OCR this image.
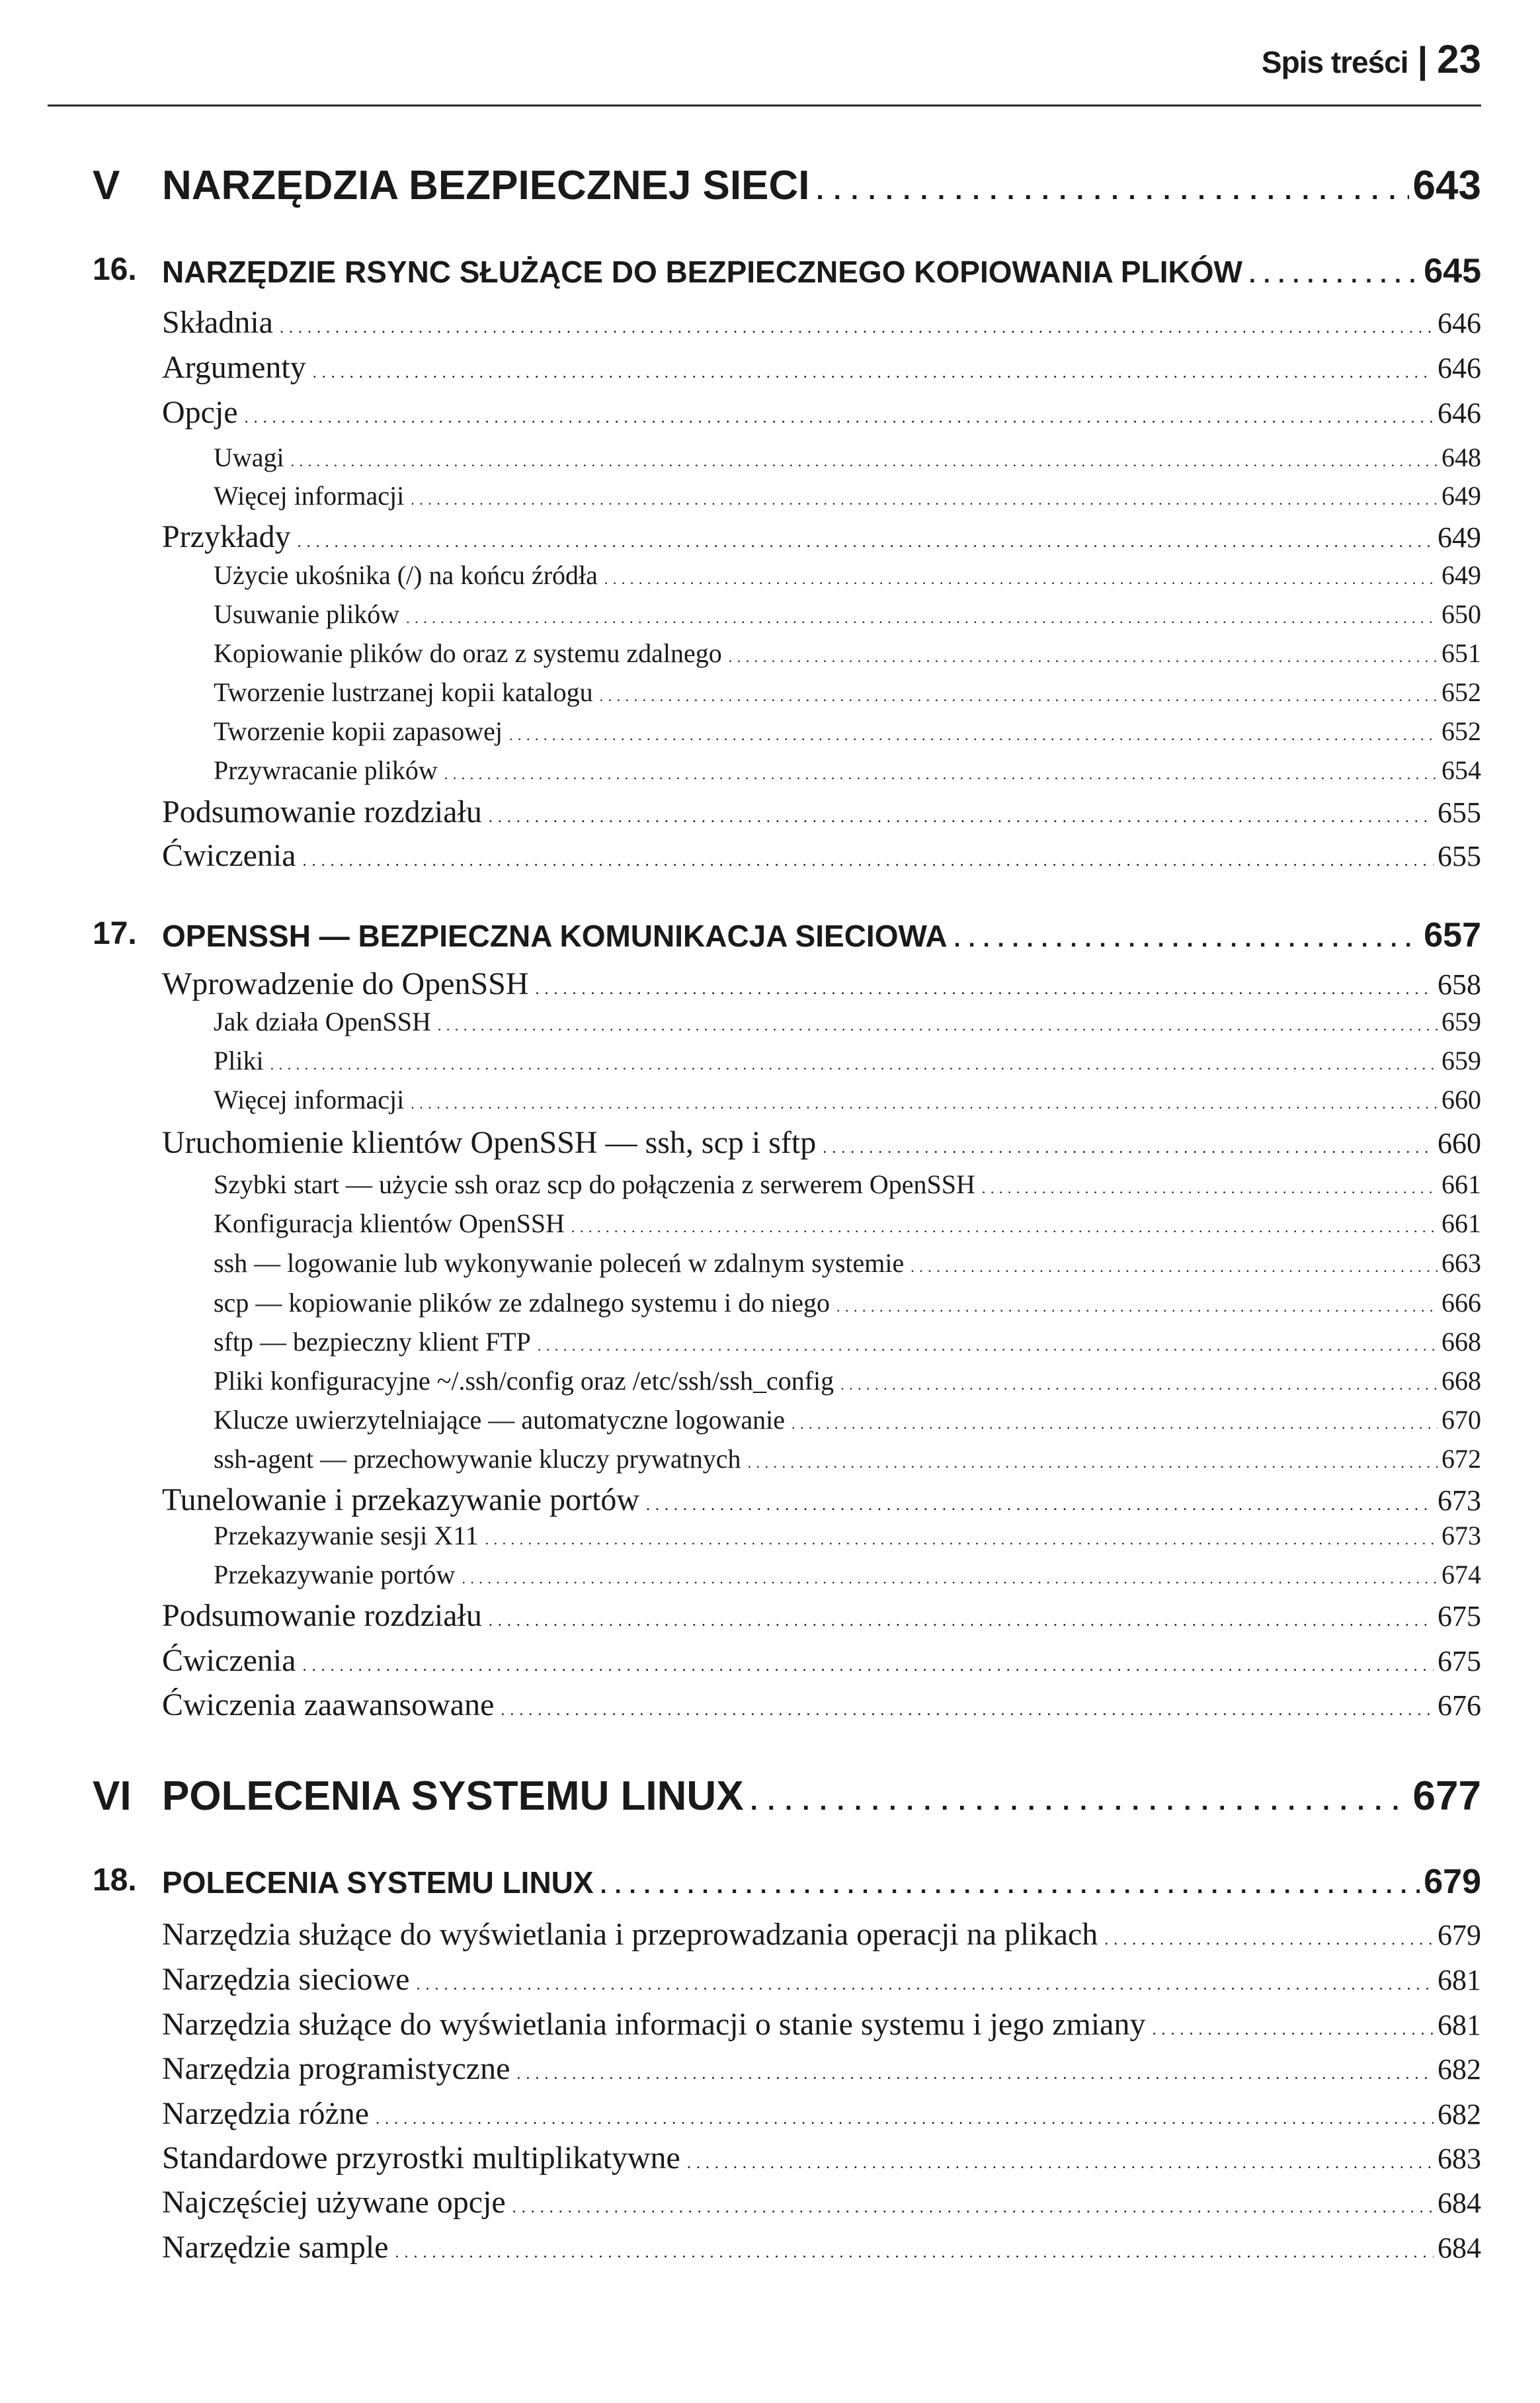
Spis treści | 23
V NARZĘDZIA BEZPIECZNEJ SIECI . . .	643
16. NARZĘDZIE RSYNC SŁUŻĄCE DO BEZPIECZNEGO KOPIOWANIA PLIKÓW . . .	645
Składnia . . .	646
Argumenty . . .	646
Opcje . . .	646
Uwagi . . .	648
Więcej informacji . . .	649
Przykłady . . .	649
Użycie ukośnika (/) na końcu źródła . . .	649
Usuwanie plików . . .	650
Kopiowanie plików do oraz z systemu zdalnego . . .	651
Tworzenie lustrzanej kopii katalogu . . .	652
Tworzenie kopii zapasowej . . .	652
Przywracanie plików . . .	654
Podsumowanie rozdziału . . .	655
Ćwiczenia . . .	655
17. OPENSSH — BEZPIECZNA KOMUNIKACJA SIECIOWA . . .	657
Wprowadzenie do OpenSSH . . .	658
Jak działa OpenSSH . . .	659
Pliki . . .	659
Więcej informacji . . .	660
Uruchomienie klientów OpenSSH — ssh, scp i sftp . . .	660
Szybki start — użycie ssh oraz scp do połączenia z serwerem OpenSSH . . .	661
Konfiguracja klientów OpenSSH . . .	661
ssh — logowanie lub wykonywanie poleceń w zdalnym systemie . . .	663
scp — kopiowanie plików ze zdalnego systemu i do niego . . .	666
sftp — bezpieczny klient FTP . . .	668
Pliki konfiguracyjne ~/.ssh/config oraz /etc/ssh/ssh_config . . .	668
Klucze uwierzytelniające — automatyczne logowanie . . .	670
ssh-agent — przechowywanie kluczy prywatnych . . .	672
Tunelowanie i przekazywanie portów . . .	673
Przekazywanie sesji X11 . . .	673
Przekazywanie portów . . .	674
Podsumowanie rozdziału . . .	675
Ćwiczenia . . .	675
Ćwiczenia zaawansowane . . .	676
VI POLECENIA SYSTEMU LINUX . . .	677
18. POLECENIA SYSTEMU LINUX . . .	679
Narzędzia służące do wyświetlania i przeprowadzania operacji na plikach . . .	679
Narzędzia sieciowe . . .	681
Narzędzia służące do wyświetlania informacji o stanie systemu i jego zmiany . . .	681
Narzędzia programistyczne . . .	682
Narzędzia różne . . .	682
Standardowe przyrostki multiplikatywne . . .	683
Najczęściej używane opcje . . .	684
Narzędzie sample . . .	684
